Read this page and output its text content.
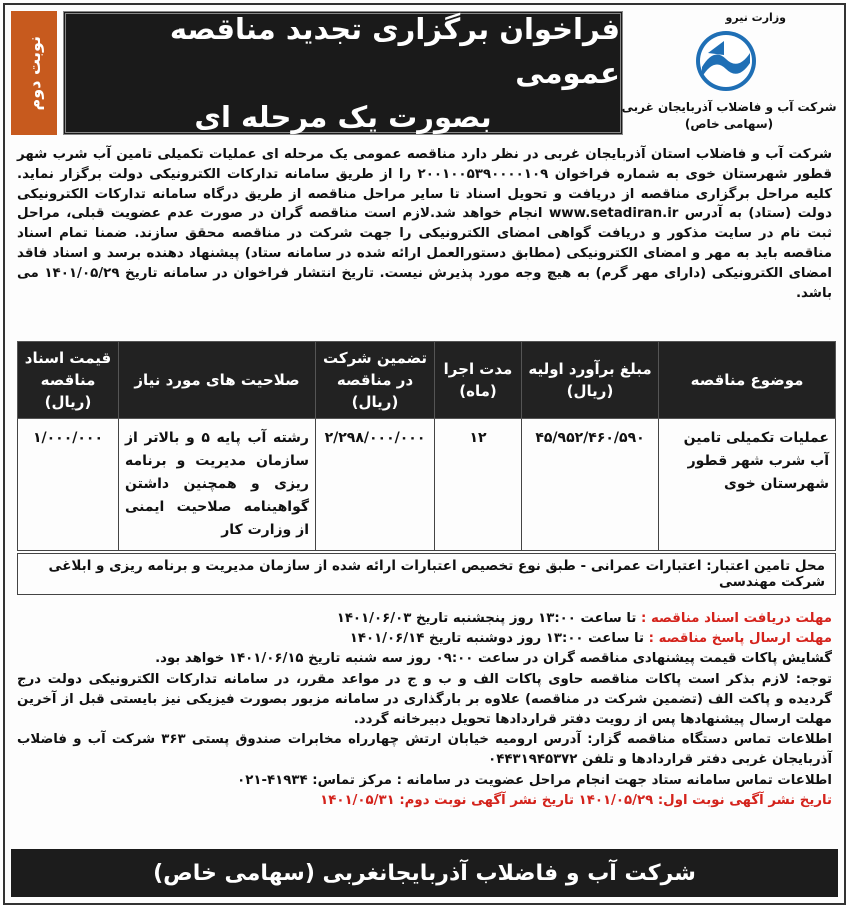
نوبت دوم
فراخوان برگزاری تجدید مناقصه عمومی
بصورت یک مرحله ای
وزارت نیرو
شرکت آب و فاضلاب آذربایجان غربی
(سهامی خاص)

شرکت آب و فاضلاب استان آذربایجان غربی در نظر دارد مناقصه عمومی یک مرحله ای عملیات تکمیلی تامین آب شرب شهر قطور شهرستان خوی به شماره فراخوان ۲۰۰۱۰۰۵۳۹۰۰۰۰۱۰۹ را از طریق سامانه تدارکات الکترونیکی دولت برگزار نماید. کلیه مراحل برگزاری مناقصه از دریافت و تحویل اسناد تا سایر مراحل مناقصه از طریق درگاه سامانه تدارکات الکترونیکی دولت (ستاد) به آدرس www.setadiran.ir انجام خواهد شد.لازم است مناقصه گران در صورت عدم عضویت قبلی، مراحل ثبت نام در سایت مذکور و دریافت گواهی امضای الکترونیکی را جهت شرکت در مناقصه محقق سازند. ضمنا تمام اسناد مناقصه باید به مهر و امضای الکترونیکی (مطابق دستورالعمل ارائه شده در سامانه ستاد) پیشنهاد دهنده برسد و اسناد فاقد امضای الکترونیکی (دارای مهر گرم) به هیچ وجه مورد پذیرش نیست. تاریخ انتشار فراخوان در سامانه تاریخ ۱۴۰۱/۰۵/۲۹ می باشد.

موضوع مناقصه	مبلغ برآورد اولیه (ریال)	مدت اجرا (ماه)	تضمین شرکت در مناقصه (ریال)	صلاحیت های مورد نیاز	قیمت اسناد مناقصه (ریال)
عملیات تکمیلی تامین آب شرب شهر قطور شهرستان خوی	۴۵/۹۵۲/۴۶۰/۵۹۰	۱۲	۲/۲۹۸/۰۰۰/۰۰۰	رشته آب پایه ۵ و بالاتر از سازمان مدیریت و برنامه ریزی و همچنین داشتن گواهینامه صلاحیت ایمنی از وزارت کار	۱/۰۰۰/۰۰۰
محل تامین اعتبار: اعتبارات عمرانی - طبق نوع تخصیص اعتبارات ارائه شده از سازمان مدیریت و برنامه ریزی و ابلاغی شرکت مهندسی

مهلت دریافت اسناد مناقصه : تا ساعت ۱۳:۰۰ روز پنجشنبه تاریخ ۱۴۰۱/۰۶/۰۳

مهلت ارسال پاسخ مناقصه : تا ساعت ۱۳:۰۰ روز دوشنبه تاریخ ۱۴۰۱/۰۶/۱۴

گشایش پاکات قیمت پیشنهادی مناقصه گران در ساعت ۰۹:۰۰ روز سه شنبه تاریخ ۱۴۰۱/۰۶/۱۵ خواهد بود.

توجه: لازم بذکر است پاکات مناقصه حاوی پاکات الف و ب و ج در مواعد مقرر، در سامانه تدارکات الکترونیکی دولت درج گردیده و پاکت الف (تضمین شرکت در مناقصه) علاوه بر بارگذاری در سامانه مزبور بصورت فیزیکی نیز بایستی قبل از آخرین مهلت ارسال پیشنهادها پس از رویت دفتر قراردادها تحویل دبیرخانه گردد.

اطلاعات تماس دستگاه مناقصه گزار: آدرس ارومیه خیابان ارتش چهارراه مخابرات صندوق پستی ۳۶۳ شرکت آب و فاضلاب آذربایجان غربی دفتر قراردادها و تلفن ۰۴۴۳۱۹۴۵۳۷۲

اطلاعات تماس سامانه ستاد جهت انجام مراحل عضویت در سامانه : مرکز تماس: ۴۱۹۳۴-۰۲۱

تاریخ نشر آگهی نوبت اول: ۱۴۰۱/۰۵/۲۹ تاریخ نشر آگهی نوبت دوم: ۱۴۰۱/۰۵/۳۱

شرکت آب و فاضلاب آذربایجانغربی (سهامی خاص)
